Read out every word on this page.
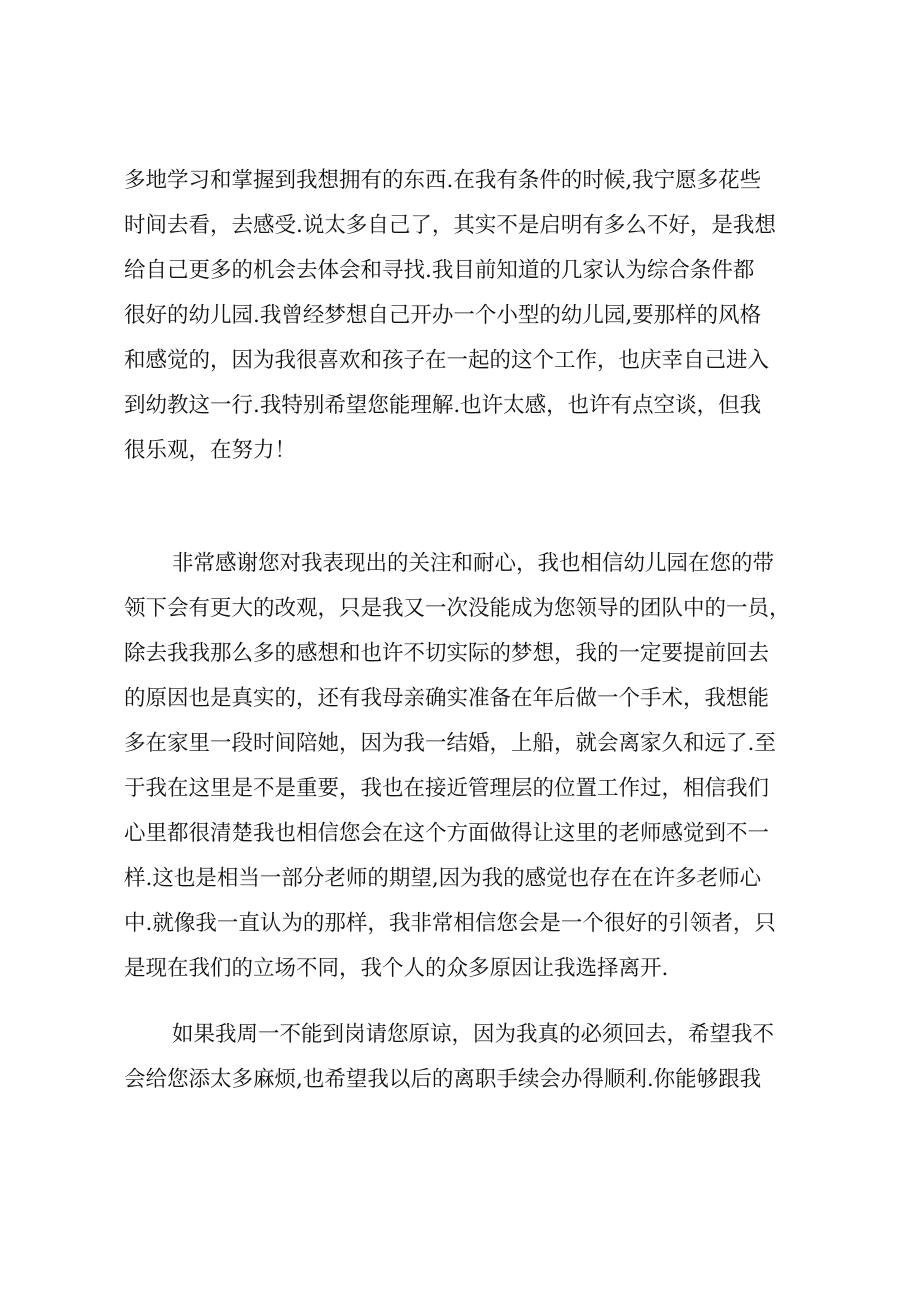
多地学习和掌握到我想拥有的东西.在我有条件的时候,我宁愿多花些
时间去看，去感受.说太多自己了，其实不是启明有多么不好，是我想
给自己更多的机会去体会和寻找.我目前知道的几家认为综合条件都
很好的幼儿园.我曾经梦想自己开办一个小型的幼儿园,要那样的风格
和感觉的，因为我很喜欢和孩子在一起的这个工作，也庆幸自己进入
到幼教这一行.我特别希望您能理解.也许太感，也许有点空谈，但我
很乐观，在努力！
非常感谢您对我表现出的关注和耐心，我也相信幼儿园在您的带
领下会有更大的改观，只是我又一次没能成为您领导的团队中的一员，
除去我我那么多的感想和也许不切实际的梦想，我的一定要提前回去
的原因也是真实的，还有我母亲确实准备在年后做一个手术，我想能
多在家里一段时间陪她，因为我一结婚，上船，就会离家久和远了.至
于我在这里是不是重要，我也在接近管理层的位置工作过，相信我们
心里都很清楚我也相信您会在这个方面做得让这里的老师感觉到不一
样.这也是相当一部分老师的期望,因为我的感觉也存在在许多老师心
中.就像我一直认为的那样，我非常相信您会是一个很好的引领者，只
是现在我们的立场不同，我个人的众多原因让我选择离开.
如果我周一不能到岗请您原谅，因为我真的必须回去，希望我不
会给您添太多麻烦,也希望我以后的离职手续会办得顺利.你能够跟我
